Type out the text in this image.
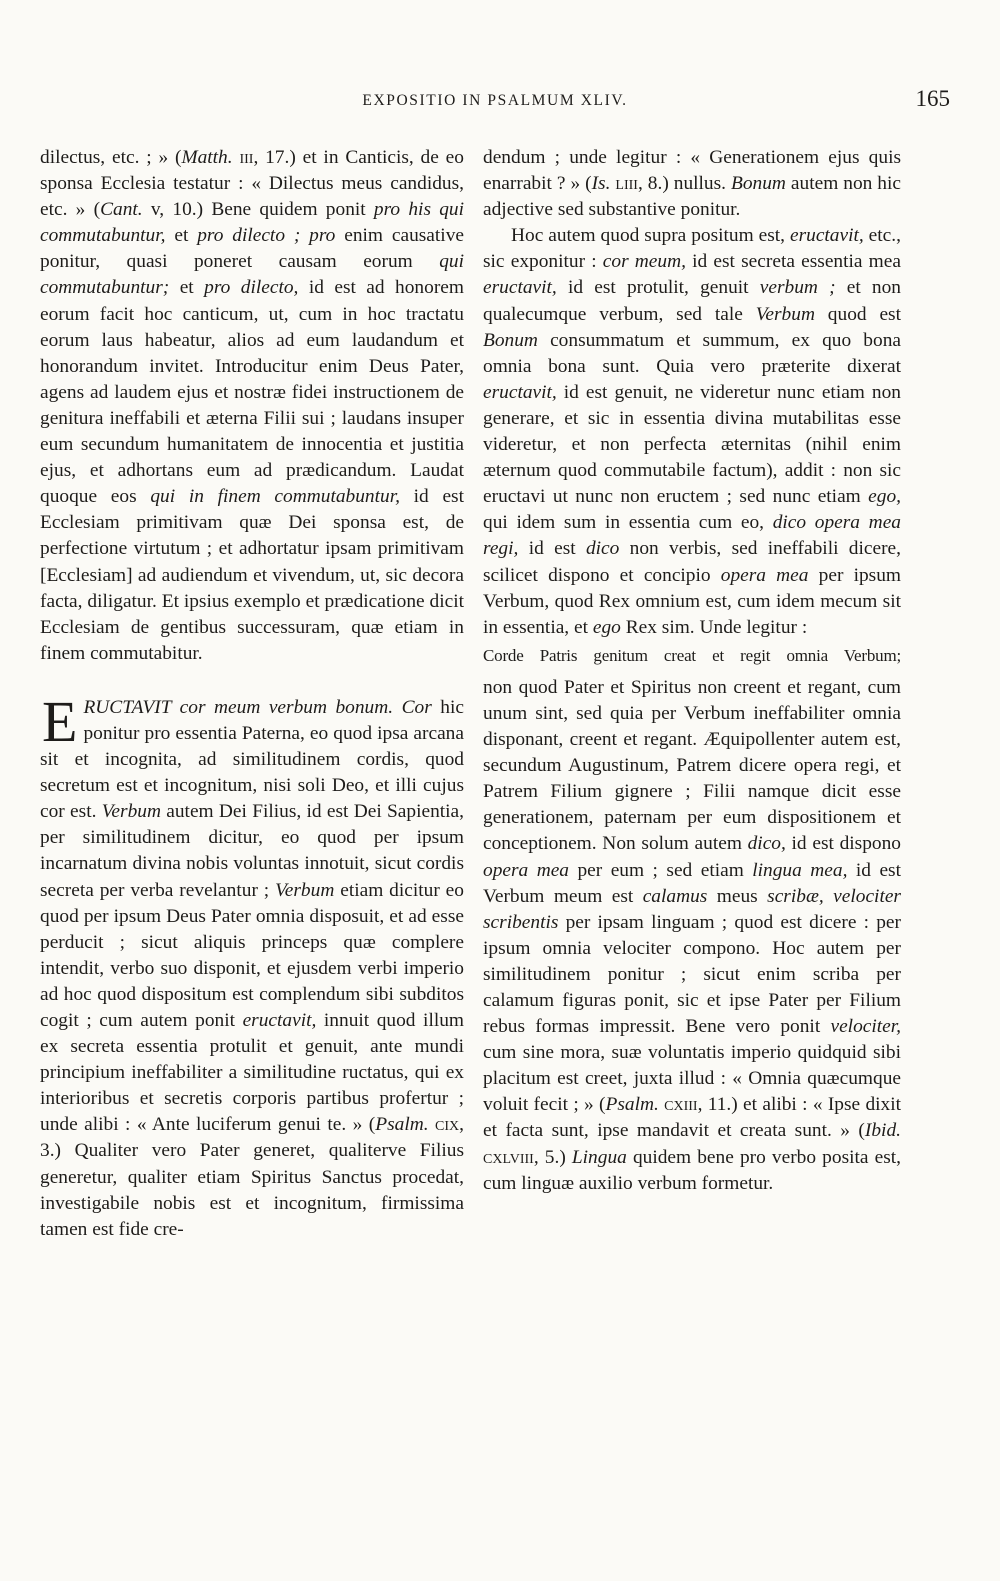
EXPOSITIO IN PSALMUM XLIV.	165

dilectus, etc. ; » (Matth. iii, 17.) et in Canticis, de eo sponsa Ecclesia testatur : « Dilectus meus candidus, etc. » (Cant. v, 10.) Bene quidem ponit pro his qui commutabuntur, et pro dilecto ; pro enim causative ponitur, quasi poneret causam eorum qui commutabuntur; et pro dilecto, id est ad honorem eorum facit hoc canticum, ut, cum in hoc tractatu eorum laus habeatur, alios ad eum laudandum et honorandum invitet. Introducitur enim Deus Pater, agens ad laudem ejus et nostræ fidei instructionem de genitura ineffabili et æterna Filii sui ; laudans insuper eum secundum humanitatem de innocentia et justitia ejus, et adhortans eum ad prædicandum. Laudat quoque eos qui in finem commutabuntur, id est Ecclesiam primitivam quæ Dei sponsa est, de perfectione virtutum ; et adhortatur ipsam primitivam [Ecclesiam] ad audiendum et vivendum, ut, sic decora facta, diligatur. Et ipsius exemplo et prædicatione dicit Ecclesiam de gentibus successuram, quæ etiam in finem commutabitur.

ERUCTAVIT cor meum verbum bonum. Cor hic ponitur pro essentia Paterna, eo quod ipsa arcana sit et incognita, ad similitudinem cordis, quod secretum est et incognitum, nisi soli Deo, et illi cujus cor est. Verbum autem Dei Filius, id est Dei Sapientia, per similitudinem dicitur, eo quod per ipsum incarnatum divina nobis voluntas innotuit, sicut cordis secreta per verba revelantur ; Verbum etiam dicitur eo quod per ipsum Deus Pater omnia disposuit, et ad esse perducit ; sicut aliquis princeps quæ complere intendit, verbo suo disponit, et ejusdem verbi imperio ad hoc quod dispositum est complendum sibi subditos cogit ; cum autem ponit eructavit, innuit quod illum ex secreta essentia protulit et genuit, ante mundi principium ineffabiliter a similitudine ructatus, qui ex interioribus et secretis corporis partibus profertur ; unde alibi : « Ante luciferum genui te. » (Psalm. cix, 3.) Qualiter vero Pater generet, qualiterve Filius generetur, qualiter etiam Spiritus Sanctus procedat, investigabile nobis est et incognitum, firmissima tamen est fide cre-

dendum ; unde legitur : « Generationem ejus quis enarrabit ? » (Is. liii, 8.) nullus. Bonum autem non hic adjective sed substantive ponitur.

Hoc autem quod supra positum est, eructavit, etc., sic exponitur : cor meum, id est secreta essentia mea eructavit, id est protulit, genuit verbum ; et non qualecumque verbum, sed tale Verbum quod est Bonum consummatum et summum, ex quo bona omnia bona sunt. Quia vero præterite dixerat eructavit, id est genuit, ne videretur nunc etiam non generare, et sic in essentia divina mutabilitas esse videretur, et non perfecta æternitas (nihil enim æternum quod commutabile factum), addit : non sic eructavi ut nunc non eructem ; sed nunc etiam ego, qui idem sum in essentia cum eo, dico opera mea regi, id est dico non verbis, sed ineffabili dicere, scilicet dispono et concipio opera mea per ipsum Verbum, quod Rex omnium est, cum idem mecum sit in essentia, et ego Rex sim. Unde legitur :

Corde Patris genitum creat et regit omnia Verbum;

non quod Pater et Spiritus non creent et regant, cum unum sint, sed quia per Verbum ineffabiliter omnia disponant, creent et regant. Æquipollenter autem est, secundum Augustinum, Patrem dicere opera regi, et Patrem Filium gignere ; Filii namque dicit esse generationem, paternam per eum dispositionem et conceptionem. Non solum autem dico, id est dispono opera mea per eum ; sed etiam lingua mea, id est Verbum meum est calamus meus scribæ, velociter scribentis per ipsam linguam ; quod est dicere : per ipsum omnia velociter compono. Hoc autem per similitudinem ponitur ; sicut enim scriba per calamum figuras ponit, sic et ipse Pater per Filium rebus formas impressit. Bene vero ponit velociter, cum sine mora, suæ voluntatis imperio quidquid sibi placitum est creet, juxta illud : « Omnia quæcumque voluit fecit ; » (Psalm. cxiii, 11.) et alibi : « Ipse dixit et facta sunt, ipse mandavit et creata sunt. » (Ibid. cxlviii, 5.) Lingua quidem bene pro verbo posita est, cum linguæ auxilio verbum formetur.
